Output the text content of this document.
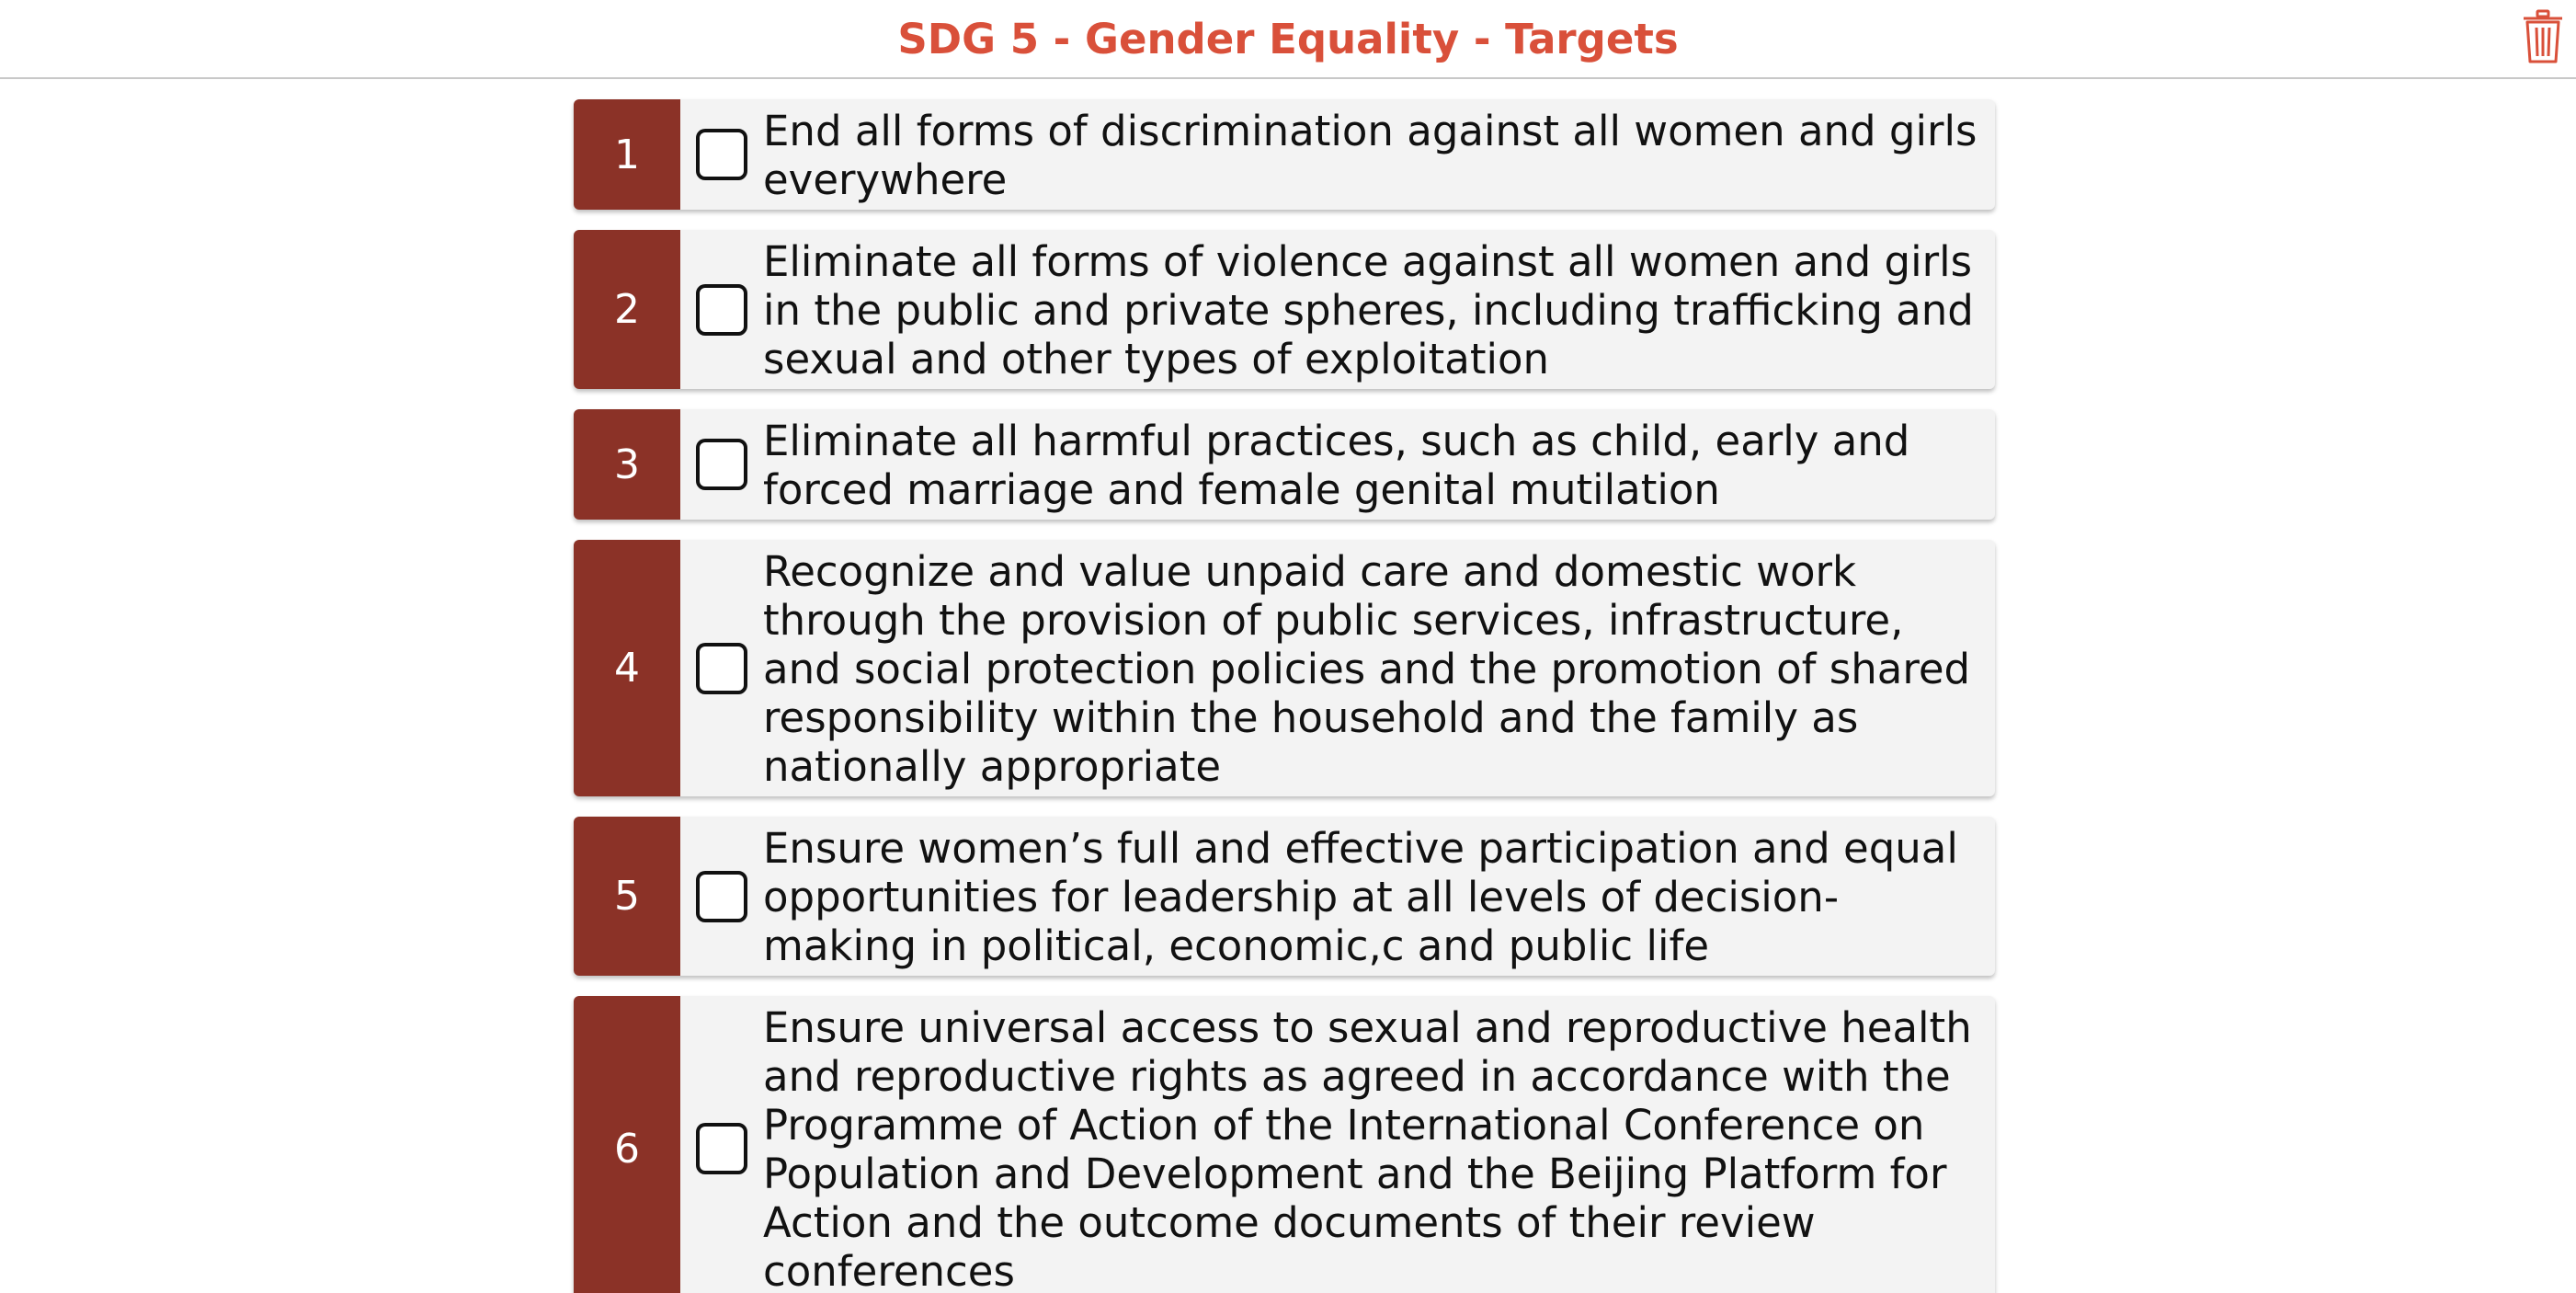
SDG 5 - Gender Equality - Targets
1	End all forms of discrimination against all women and girls everywhere
2
Eliminate all forms of violence against all women and girls in the public and private spheres, including trafficking and sexual and other types of exploitation
3	Eliminate all harmful practices, such as child, early and forced marriage and female genital mutilation
4
Recognize and value unpaid care and domestic work through the provision of public services, infrastructure, and social protection policies and the promotion of shared responsibility within the household and the family as nationally appropriate
5
Ensure women’s full and effective participation and equal opportunities for leadership at all levels of decision-making in political, economic,c and public life
6
Ensure universal access to sexual and reproductive health and reproductive rights as agreed in accordance with the Programme of Action of the International Conference on Population and Development and the Beijing Platform for Action and the outcome documents of their review conferences
